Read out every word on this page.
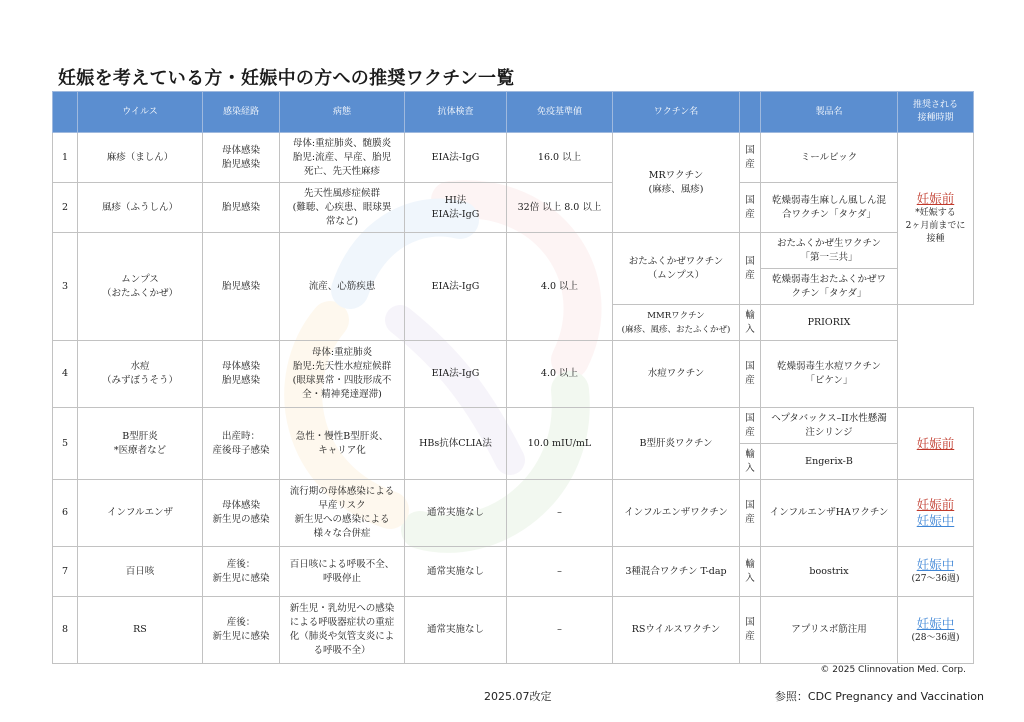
妊娠を考えている方・妊娠中の方への推奨ワクチン一覧
	ウイルス	感染経路	病態	抗体検査	免疫基準値	ワクチン名		製品名	推奨される
接種時期

1	麻疹（ましん）	母体感染
胎児感染	母体:重症肺炎、髄膜炎
胎児:流産、早産、胎児
死亡、先天性麻疹	EIA法-IgG	16.0 以上	MRワクチン
(麻疹、風疹)	国
産	ミールビック	妊娠前
*妊娠する
2ヶ月前までに
接種

2	風疹（ふうしん）	胎児感染	先天性風疹症候群
(難聴、心疾患、眼球異
常など)	HI法
EIA法-IgG	32倍 以上 8.0 以上		国
産	乾燥弱毒生麻しん風しん混
合ワクチン「タケダ」	

3	ムンプス
（おたふくかぜ）	胎児感染	流産、心筋疾患	EIA法-IgG	4.0 以上	おたふくかぜワクチン
（ムンプス）	国
産	おたふくかぜ生ワクチン
「第一三共」	

								乾燥弱毒生おたふくかぜワ
クチン「タケダ」	

						MMRワクチン
(麻疹、風疹、おたふくかぜ)	輸
入	PRIORIX	

4	水痘
（みずぼうそう）	母体感染
胎児感染	母体:重症肺炎
胎児:先天性水痘症候群
(眼球異常・四肢形成不
全・精神発達遅滞)	EIA法-IgG	4.0 以上	水痘ワクチン	国
産	乾燥弱毒生水痘ワクチン
「ビケン」	

5	B型肝炎
*医療者など	出産時：
産後母子感染	急性・慢性B型肝炎、
キャリア化	HBs抗体CLIA法	10.0 mIU/mL	B型肝炎ワクチン	国
産	ヘプタバックス–II水性懸濁
注シリンジ	妊娠前

							輸
入	Engerix-B	

6	インフルエンザ	母体感染
新生児の感染	流行期の母体感染による
早産リスク
新生児への感染による
様々な合併症	通常実施なし	–	インフルエンザワクチン	国
産	インフルエンザHAワクチン	妊娠前
妊娠中

7	百日咳	産後：
新生児に感染	百日咳による呼吸不全、
呼吸停止	通常実施なし	–	3種混合ワクチン T-dap	輸
入	boostrix	妊娠中
(27〜36週)

8	RS	産後：
新生児に感染	新生児・乳幼児への感染
による呼吸器症状の重症
化（肺炎や気管支炎によ
る呼吸不全）	通常実施なし	–	RSウイルスワクチン	国
産	アプリスボ筋注用	妊娠中
(28〜36週)
© 2025 Clinnovation Med. Corp.
2025.07改定	参照：CDC Pregnancy and Vaccination
